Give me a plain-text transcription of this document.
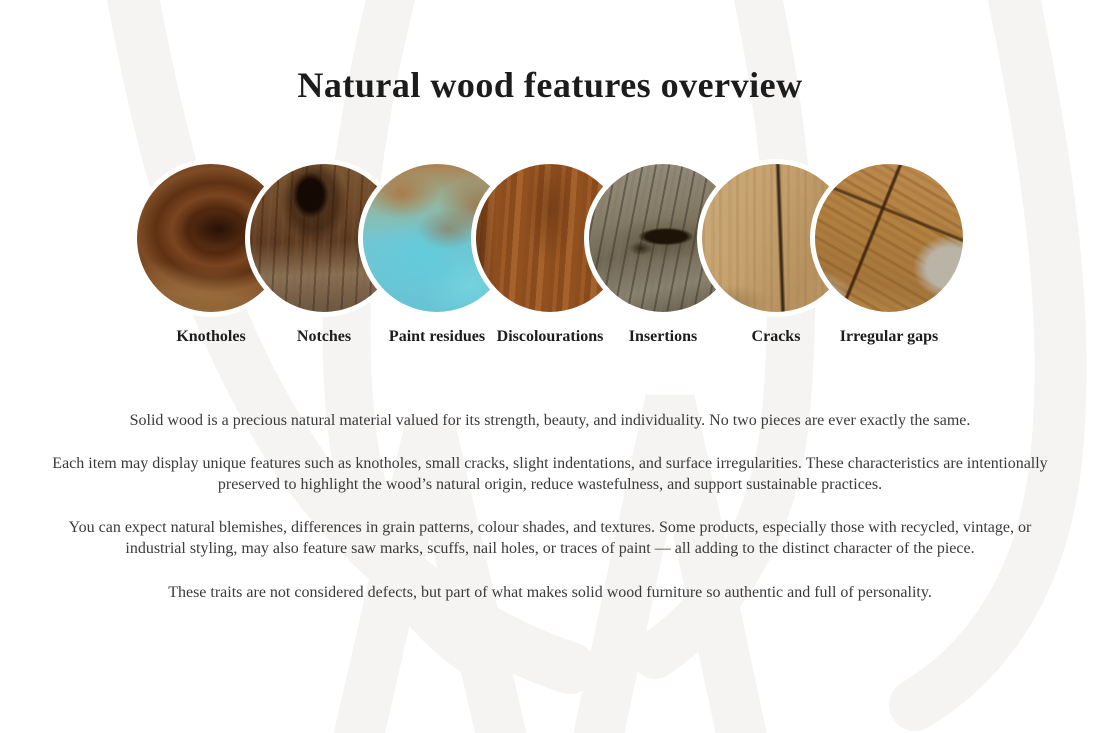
Natural wood features overview
Knotholes	Notches Paint residues Discolourations Insertions	Cracks Irregular gaps

Solid wood is a precious natural material valued for its strength, beauty, and individuality. No two pieces are ever exactly the same.

Each item may display unique features such as knotholes, small cracks, slight indentations, and surface irregularities. These characteristics are intentionally preserved to highlight the wood’s natural origin, reduce wastefulness, and support sustainable practices.

You can expect natural blemishes, differences in grain patterns, colour shades, and textures. Some products, especially those with recycled, vintage, or industrial styling, may also feature saw marks, scuffs, nail holes, or traces of paint — all adding to the distinct character of the piece.

These traits are not considered defects, but part of what makes solid wood furniture so authentic and full of personality.
